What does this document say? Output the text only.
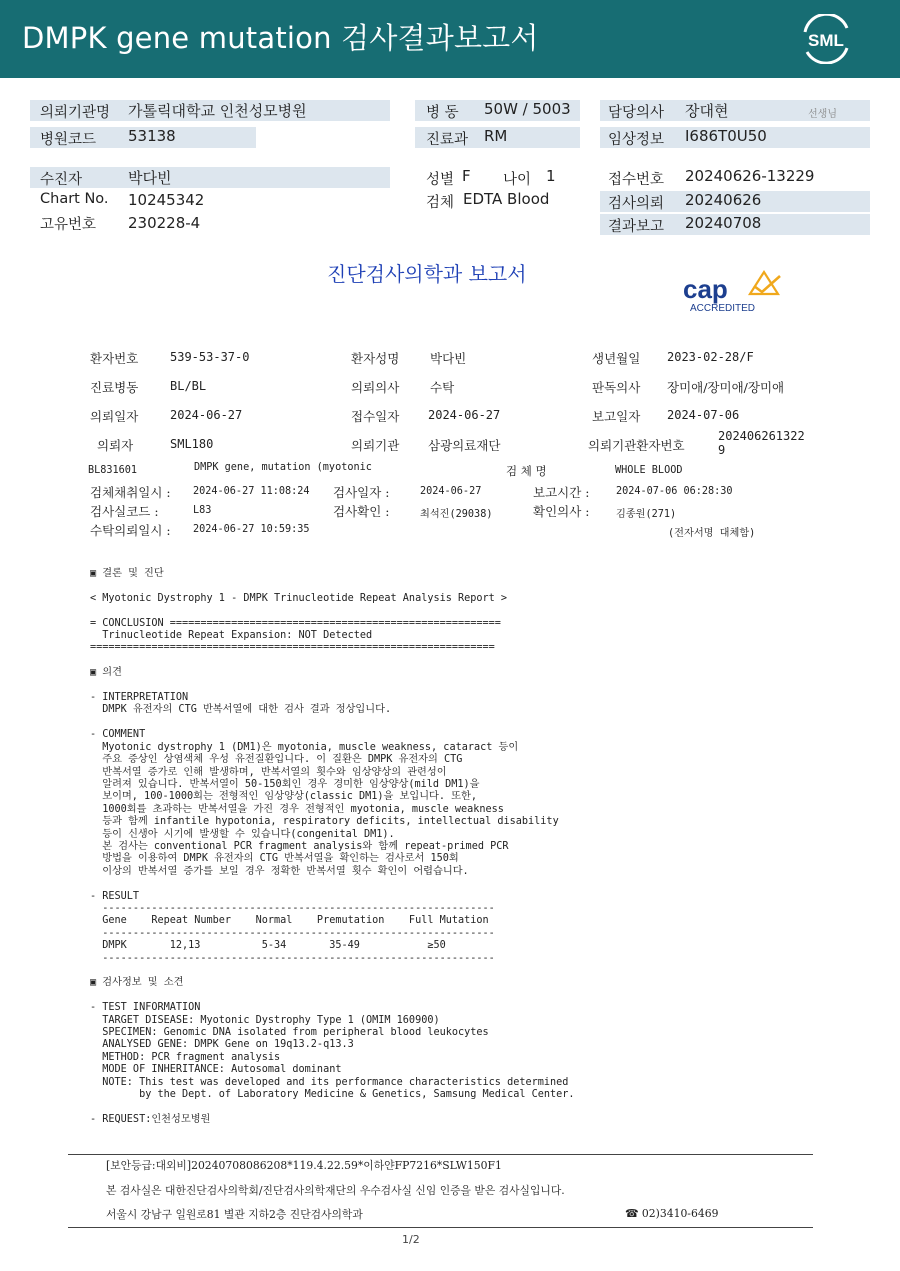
DMPK gene mutation 검사결과보고서	SML
의뢰기관명 가톨릭대학교 인천성모병원
병원코드 53138
병 동 50W / 5003
진료과 RM
담당의사 장대현	선생님
임상정보 I686T0U50
수진자	박다빈
Chart No. 10245342
고유번호 230228-4
성별 F 나이 1
검체 EDTA Blood
접수번호 20240626-13229
검사의뢰 20240626
결과보고 20240708
진단검사의학과 보고서	cap
ACCREDITED
환자번호	539-53-37-0	환자성명 박다빈	생년월일 2023-02-28/F
진료병동	BL/BL	의뢰의사 수탁	판독의사 장미애/장미애/장미애
의뢰일자	2024-06-27	접수일자 2024-06-27	보고일자 2024-07-06
의뢰자	SML180	의뢰기관 삼광의료재단	의뢰기관환자번호
202406261322
9
BL831601	DMPK gene, mutation (myotonic	검 체 명	WHOLE BLOOD
검체채취일시 : 2024-06-27 11:08:24 검사일자 :	2024-06-27	보고시간 :	2024-07-06 06:28:30
검사실코드 :	L83	검사확인 :	최석진(29038)	확인의사 :	김종원(271)
수탁의뢰일시 : 2024-06-27 10:59:35	(전자서명 대체함)
▣ 결론 및 진단

< Myotonic Dystrophy 1 - DMPK Trinucleotide Repeat Analysis Report >

= CONCLUSION ======================================================
Trinucleotide Repeat Expansion: NOT Detected
==================================================================

▣ 의견

- INTERPRETATION
DMPK 유전자의 CTG 반복서열에 대한 검사 결과 정상입니다.

- COMMENT
Myotonic dystrophy 1 (DM1)은 myotonia, muscle weakness, cataract 등이
주요 증상인 상염색체 우성 유전질환입니다. 이 질환은 DMPK 유전자의 CTG
반복서열 증가로 인해 발생하며, 반복서열의 횟수와 임상양상의 관련성이
알려져 있습니다. 반복서열이 50-150회인 경우 경미한 임상양상(mild DM1)을
보이며, 100-1000회는 전형적인 임상양상(classic DM1)을 보입니다. 또한,
1000회를 초과하는 반복서열을 가진 경우 전형적인 myotonia, muscle weakness
등과 함께 infantile hypotonia, respiratory deficits, intellectual disability
등이 신생아 시기에 발생할 수 있습니다(congenital DM1).
본 검사는 conventional PCR fragment analysis와 함께 repeat-primed PCR
방법을 이용하여 DMPK 유전자의 CTG 반복서열을 확인하는 검사로서 150회
이상의 반복서열 증가를 보일 경우 정확한 반복서열 횟수 확인이 어렵습니다.

- RESULT
----------------------------------------------------------------
Gene    Repeat Number    Normal    Premutation    Full Mutation
----------------------------------------------------------------
DMPK       12,13          5-34       35-49           ≥50
----------------------------------------------------------------

▣ 검사정보 및 소견

- TEST INFORMATION
TARGET DISEASE: Myotonic Dystrophy Type 1 (OMIM 160900)
SPECIMEN: Genomic DNA isolated from peripheral blood leukocytes
ANALYSED GENE: DMPK Gene on 19q13.2-q13.3
METHOD: PCR fragment analysis
MODE OF INHERITANCE: Autosomal dominant
NOTE: This test was developed and its performance characteristics determined
by the Dept. of Laboratory Medicine & Genetics, Samsung Medical Center.

- REQUEST:인천성모병원
[보안등급:대외비]20240708086208*119.4.22.59*이하얀FP7216*SLW150F1
본 검사실은 대한진단검사의학회/진단검사의학재단의 우수검사실 신임 인증을 받은 검사실입니다.
서울시 강남구 일원로81 별관 지하2층 진단검사의학과	☎ 02)3410-6469
1/2
